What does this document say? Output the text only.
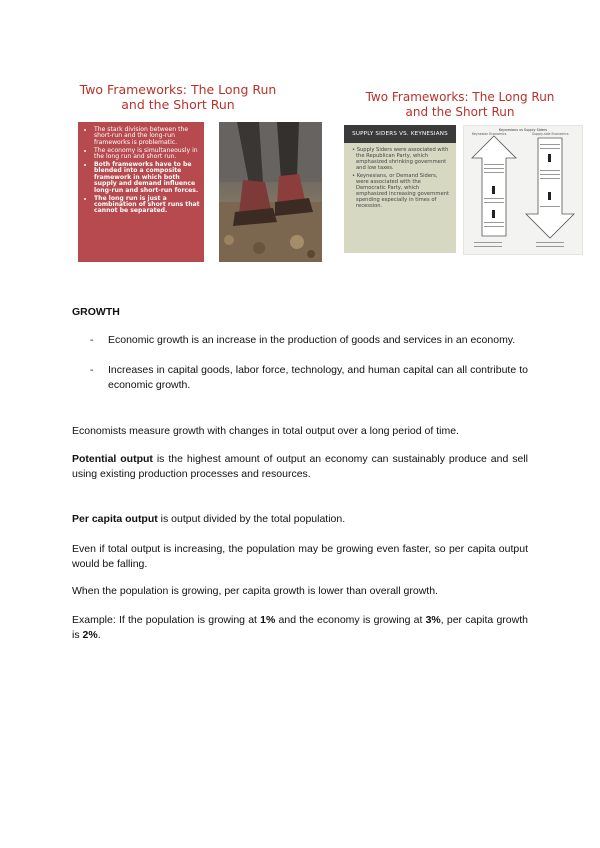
Two Frameworks: The Long Run
and the Short Run
• The stark division between the short-run and the long-run frameworks is problematic.
• The economy is simultaneously in the long run and short run.
• Both frameworks have to be blended into a composite framework in which both supply and demand influence long-run and short-run forces.
• The long run is just a combination of short runs that cannot be separated.
Two Frameworks: The Long Run
and the Short Run
SUPPLY SIDERS VS. KEYNESIANS
• Supply Siders were associated with the Republican Party, which emphasized shrinking government and low taxes.
• Keynesians, or Demand Siders, were associated with the Democratic Party, which emphasized increasing government spending especially in times of recession.
Keynesians vs Supply Siders
Keynesian Economics	Supply-side Economics
GROWTH
- Economic growth is an increase in the production of goods and services in an economy.
- Increases in capital goods, labor force, technology, and human capital can all contribute to economic growth.

Economists measure growth with changes in total output over a long period of time.

Potential output is the highest amount of output an economy can sustainably produce and sell using existing production processes and resources.

Per capita output is output divided by the total population.

Even if total output is increasing, the population may be growing even faster, so per capita output would be falling.

When the population is growing, per capita growth is lower than overall growth.

Example: If the population is growing at 1% and the economy is growing at 3%, per capita growth is 2%.
